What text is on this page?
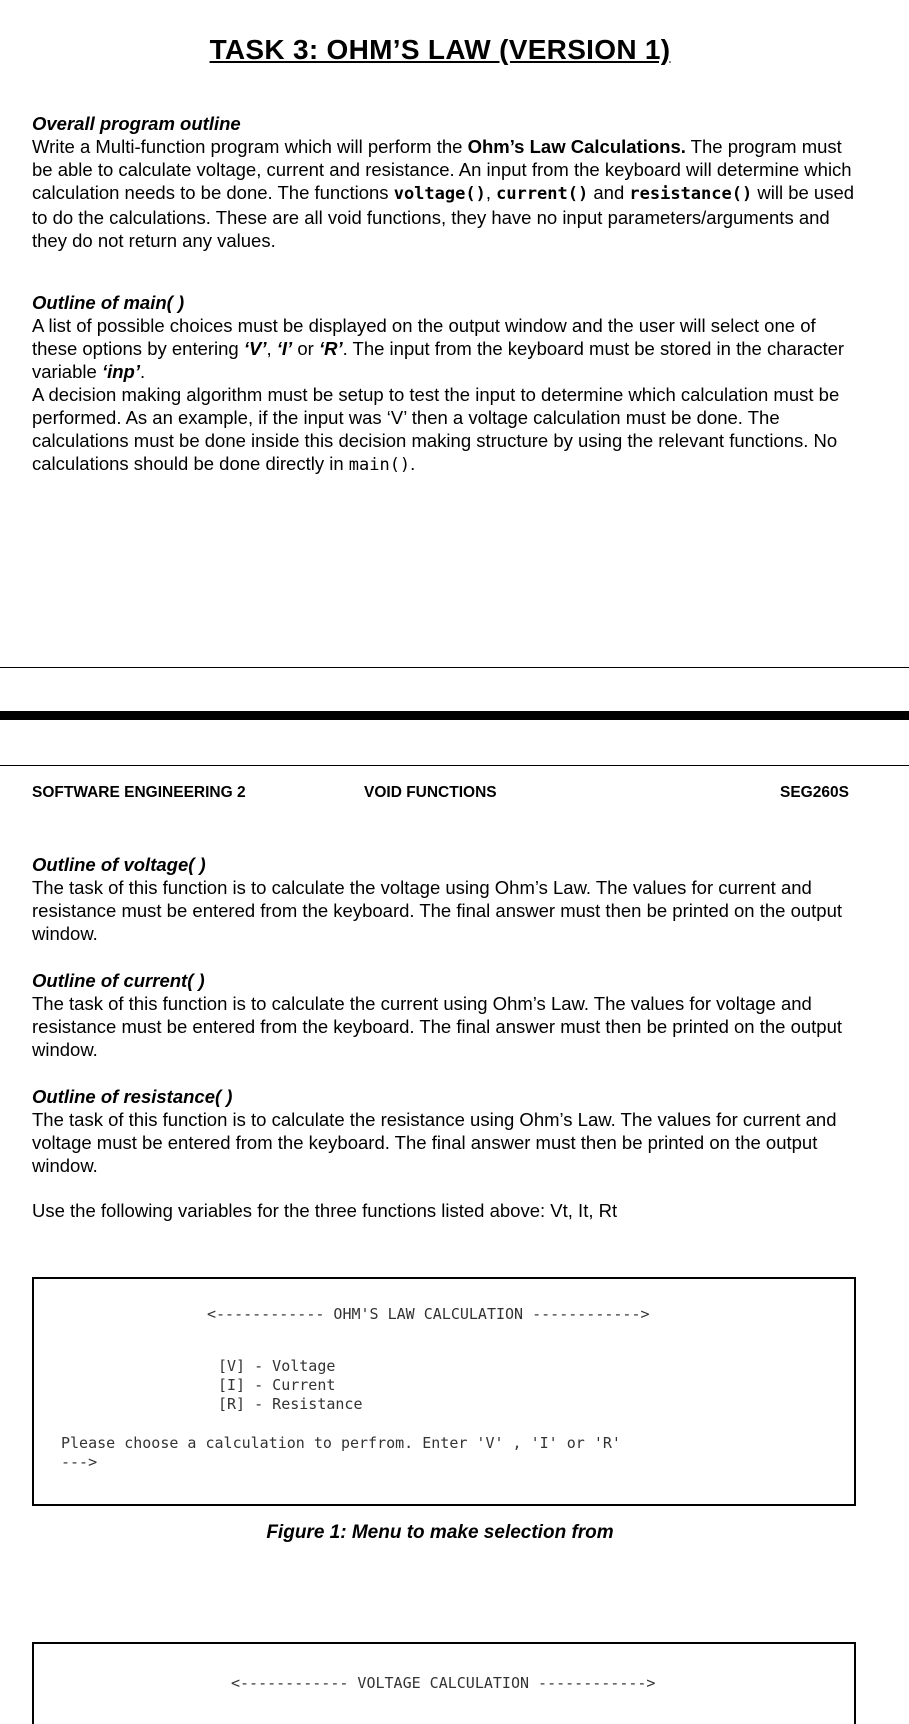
TASK 3: OHM’S LAW (VERSION 1)
Overall program outline
Write a Multi-function program which will perform the Ohm’s Law Calculations. The program must be able to calculate voltage, current and resistance. An input from the keyboard will determine which calculation needs to be done. The functions voltage(), current() and resistance() will be used to do the calculations. These are all void functions, they have no input parameters/arguments and they do not return any values.
Outline of main( )
A list of possible choices must be displayed on the output window and the user will select one of these options by entering ‘V’, ‘I’ or ‘R’. The input from the keyboard must be stored in the character variable ‘inp’.
A decision making algorithm must be setup to test the input to determine which calculation must be performed. As an example, if the input was ‘V’ then a voltage calculation must be done. The calculations must be done inside this decision making structure by using the relevant functions. No calculations should be done directly in main().
SOFTWARE ENGINEERING 2	VOID FUNCTIONS	SEG260S
Outline of voltage( )
The task of this function is to calculate the voltage using Ohm’s Law. The values for current and resistance must be entered from the keyboard. The final answer must then be printed on the output window.
Outline of current( )
The task of this function is to calculate the current using Ohm’s Law. The values for voltage and resistance must be entered from the keyboard. The final answer must then be printed on the output window.
Outline of resistance( )
The task of this function is to calculate the resistance using Ohm’s Law. The values for current and voltage must be entered from the keyboard. The final answer must then be printed on the output window.
Use the following variables for the three functions listed above: Vt, It, Rt
<------------ OHM'S LAW CALCULATION ------------>
[V] - Voltage
[I] - Current
[R] - Resistance
Please choose a calculation to perfrom. Enter 'V' , 'I' or 'R'
--->
Figure 1: Menu to make selection from
<------------ VOLTAGE CALCULATION ------------>
